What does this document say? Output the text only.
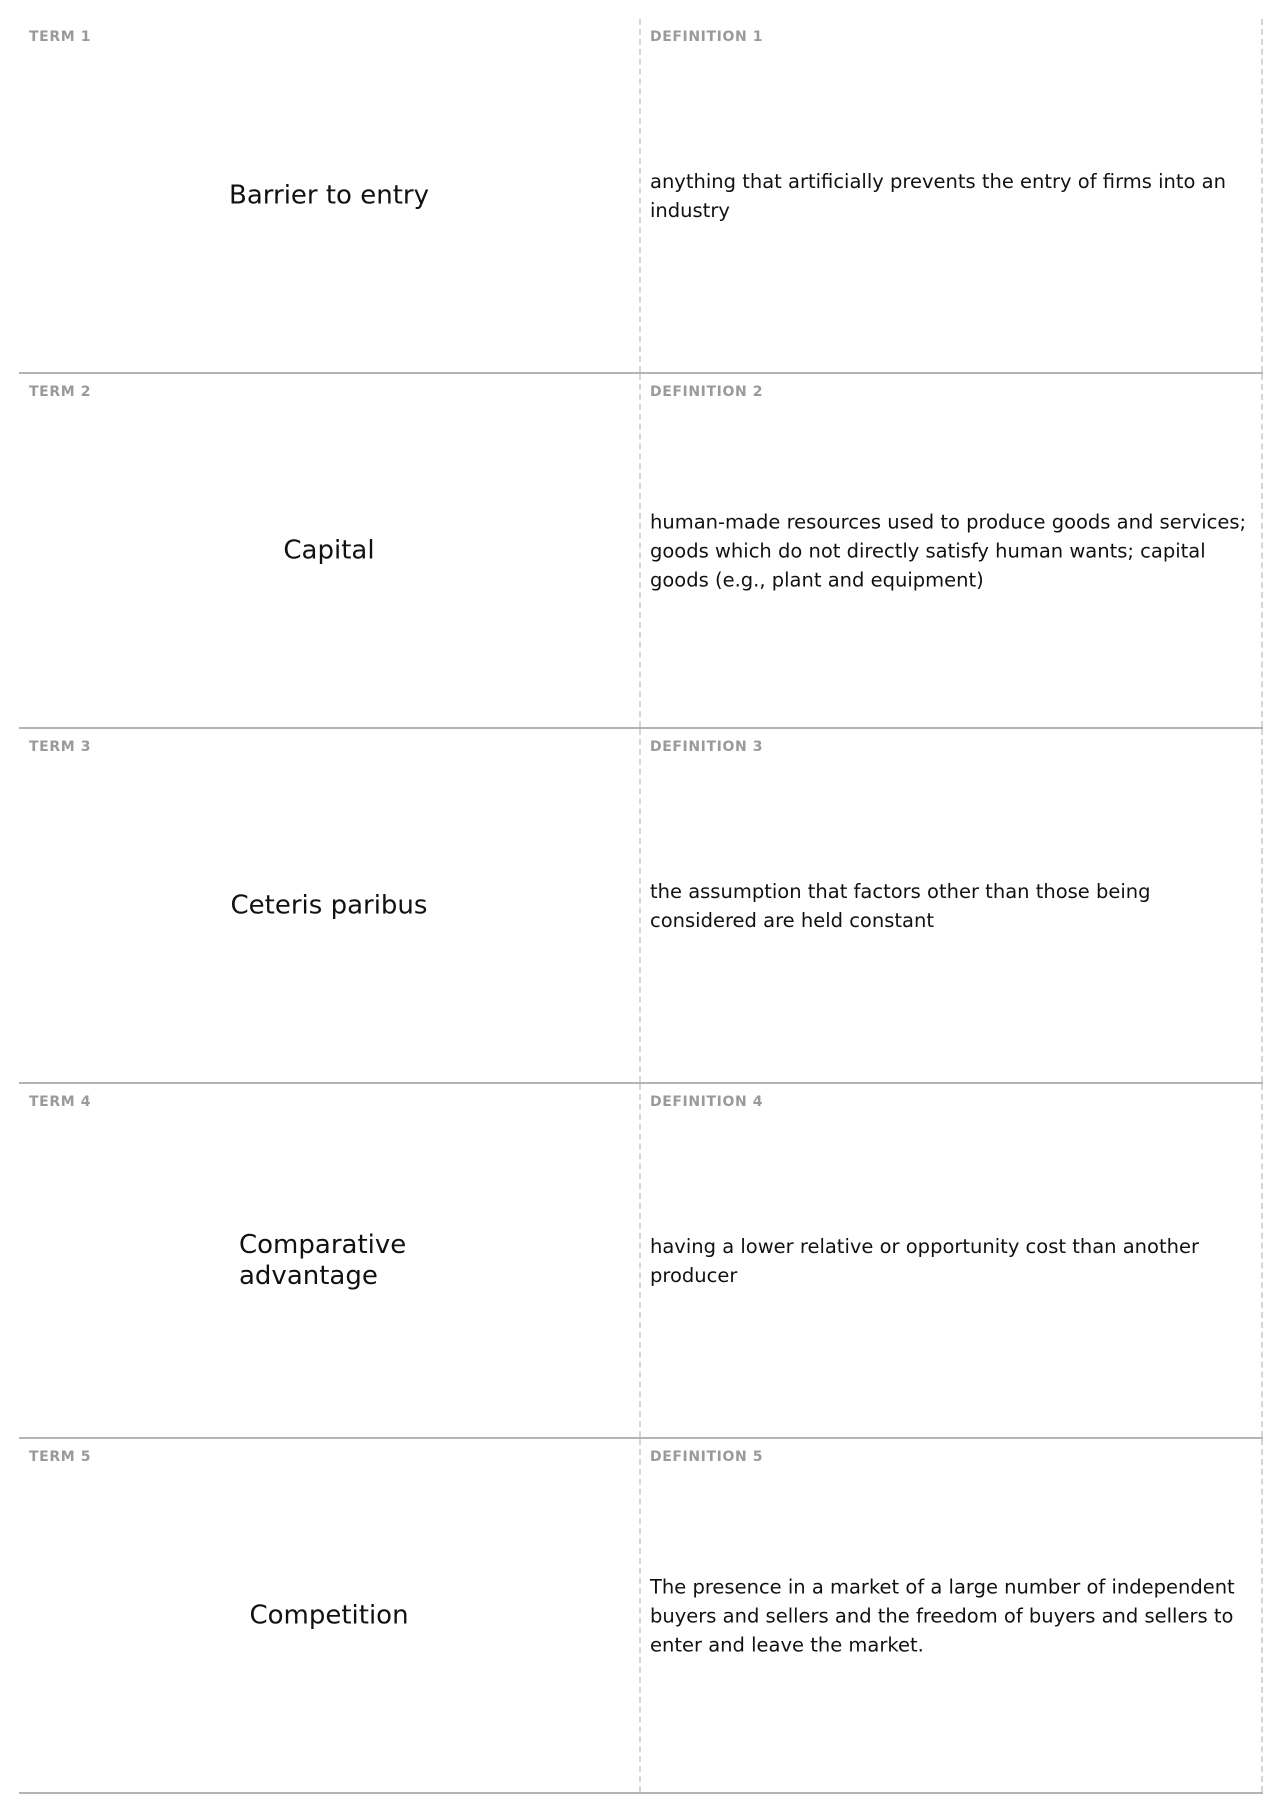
TERM 1
Barrier to entry
DEFINITION 1
anything that artificially prevents the entry of firms into an industry
TERM 2
Capital
DEFINITION 2
human-made resources used to produce goods and services; goods which do not directly satisfy human wants; capital goods (e.g., plant and equipment)
TERM 3
Ceteris paribus
DEFINITION 3
the assumption that factors other than those being considered are held constant
TERM 4
Comparative advantage
DEFINITION 4
having a lower relative or opportunity cost than another producer
TERM 5
Competition
DEFINITION 5
The presence in a market of a large number of independent buyers and sellers and the freedom of buyers and sellers to enter and leave the market.
